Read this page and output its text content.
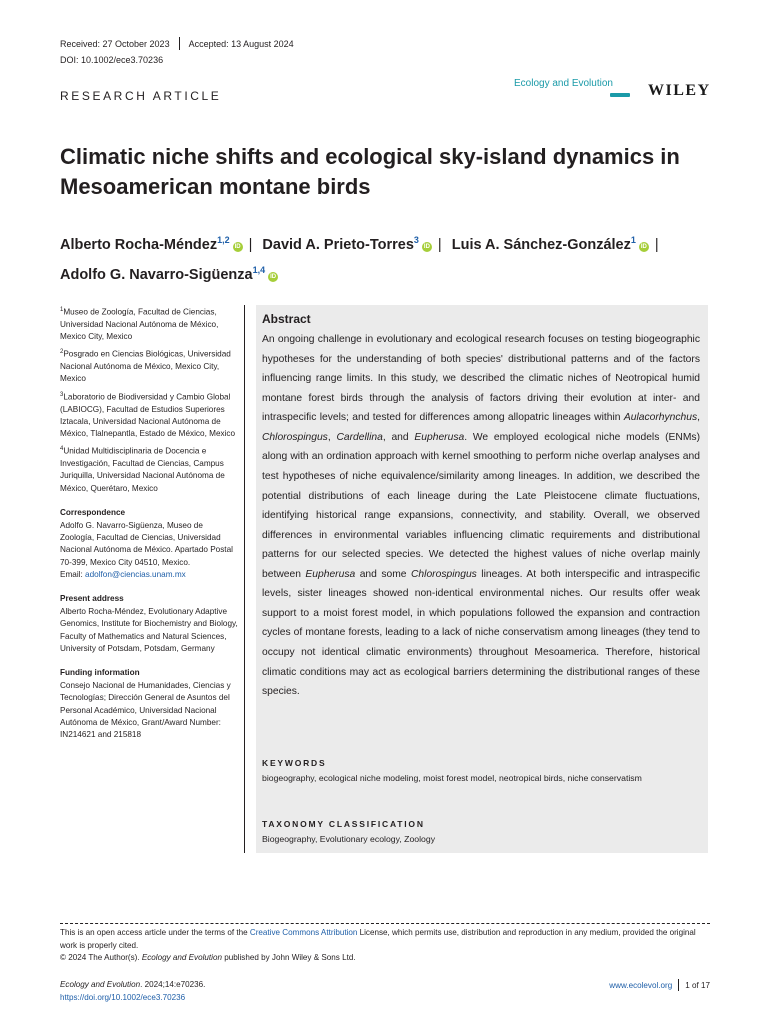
Received: 27 October 2023 Accepted: 13 August 2024
DOI: 10.1002/ece3.70236
RESEARCH ARTICLE
Ecology and Evolution WILEY
Climatic niche shifts and ecological sky-island dynamics in Mesoamerican montane birds
Alberto Rocha-Méndez$^{1,2}$ID | David A. Prieto-Torres$^3$ID | Luis A. Sánchez-González$^1$ID |
Adolfo G. Navarro-Sigüenza$^{1,4}$ID
$^1$Museo de Zoología, Facultad de Ciencias, Universidad Nacional Autónoma de México, Mexico City, Mexico
$^2$Posgrado en Ciencias Biológicas, Universidad Nacional Autónoma de México, Mexico City, Mexico
$^3$Laboratorio de Biodiversidad y Cambio Global (LABIOCG), Facultad de Estudios Superiores Iztacala, Universidad Nacional Autónoma de México, Tlalnepantla, Estado de México, Mexico
$^4$Unidad Multidisciplinaria de Docencia e Investigación, Facultad de Ciencias, Campus Juriquilla, Universidad Nacional Autónoma de México, Querétaro, Mexico
Correspondence
Adolfo G. Navarro-Sigüenza, Museo de Zoología, Facultad de Ciencias, Universidad Nacional Autónoma de México. Apartado Postal 70-399, Mexico City 04510, Mexico.
Email: adolfon@ciencias.unam.mx
Present address
Alberto Rocha-Méndez, Evolutionary Adaptive Genomics, Institute for Biochemistry and Biology, Faculty of Mathematics and Natural Sciences, University of Potsdam, Potsdam, Germany
Funding information
Consejo Nacional de Humanidades, Ciencias y Tecnologías; Dirección General de Asuntos del Personal Académico, Universidad Nacional Autónoma de México, Grant/Award Number: IN214621 and 215818
Abstract
An ongoing challenge in evolutionary and ecological research focuses on testing biogeographic hypotheses for the understanding of both species' distributional patterns and of the factors influencing range limits. In this study, we described the climatic niches of Neotropical humid montane forest birds through the analysis of factors driving their evolution at inter- and intraspecific levels; and tested for differences among allopatric lineages within Aulacorhynchus, Chlorospingus, Cardellina, and Eupherusa. We employed ecological niche models (ENMs) along with an ordination approach with kernel smoothing to perform niche overlap analyses and test hypotheses of niche equivalence/similarity among lineages. In addition, we described the potential distributions of each lineage during the Late Pleistocene climate fluctuations, identifying historical range expansions, connectivity, and stability. Overall, we observed differences in environmental variables influencing climatic requirements and distributional patterns for our selected species. We detected the highest values of niche overlap mainly between Eupherusa and some Chlorospingus lineages. At both interspecific and intraspecific levels, sister lineages showed non-identical environmental niches. Our results offer weak support to a moist forest model, in which populations followed the expansion and contraction cycles of montane forests, leading to a lack of niche conservatism among lineages (they tend to occupy not identical climatic environments) throughout Mesoamerica. Therefore, historical climatic conditions may act as ecological barriers determining the distributional ranges of these species.
KEYWORDS
biogeography, ecological niche modeling, moist forest model, neotropical birds, niche conservatism
TAXONOMY CLASSIFICATION
Biogeography, Evolutionary ecology, Zoology
This is an open access article under the terms of the Creative Commons Attribution License, which permits use, distribution and reproduction in any medium, provided the original work is properly cited.
© 2024 The Author(s). Ecology and Evolution published by John Wiley & Sons Ltd.
Ecology and Evolution. 2024;14:e70236.
https://doi.org/10.1002/ece3.70236
www.ecolevol.org 1 of 17
